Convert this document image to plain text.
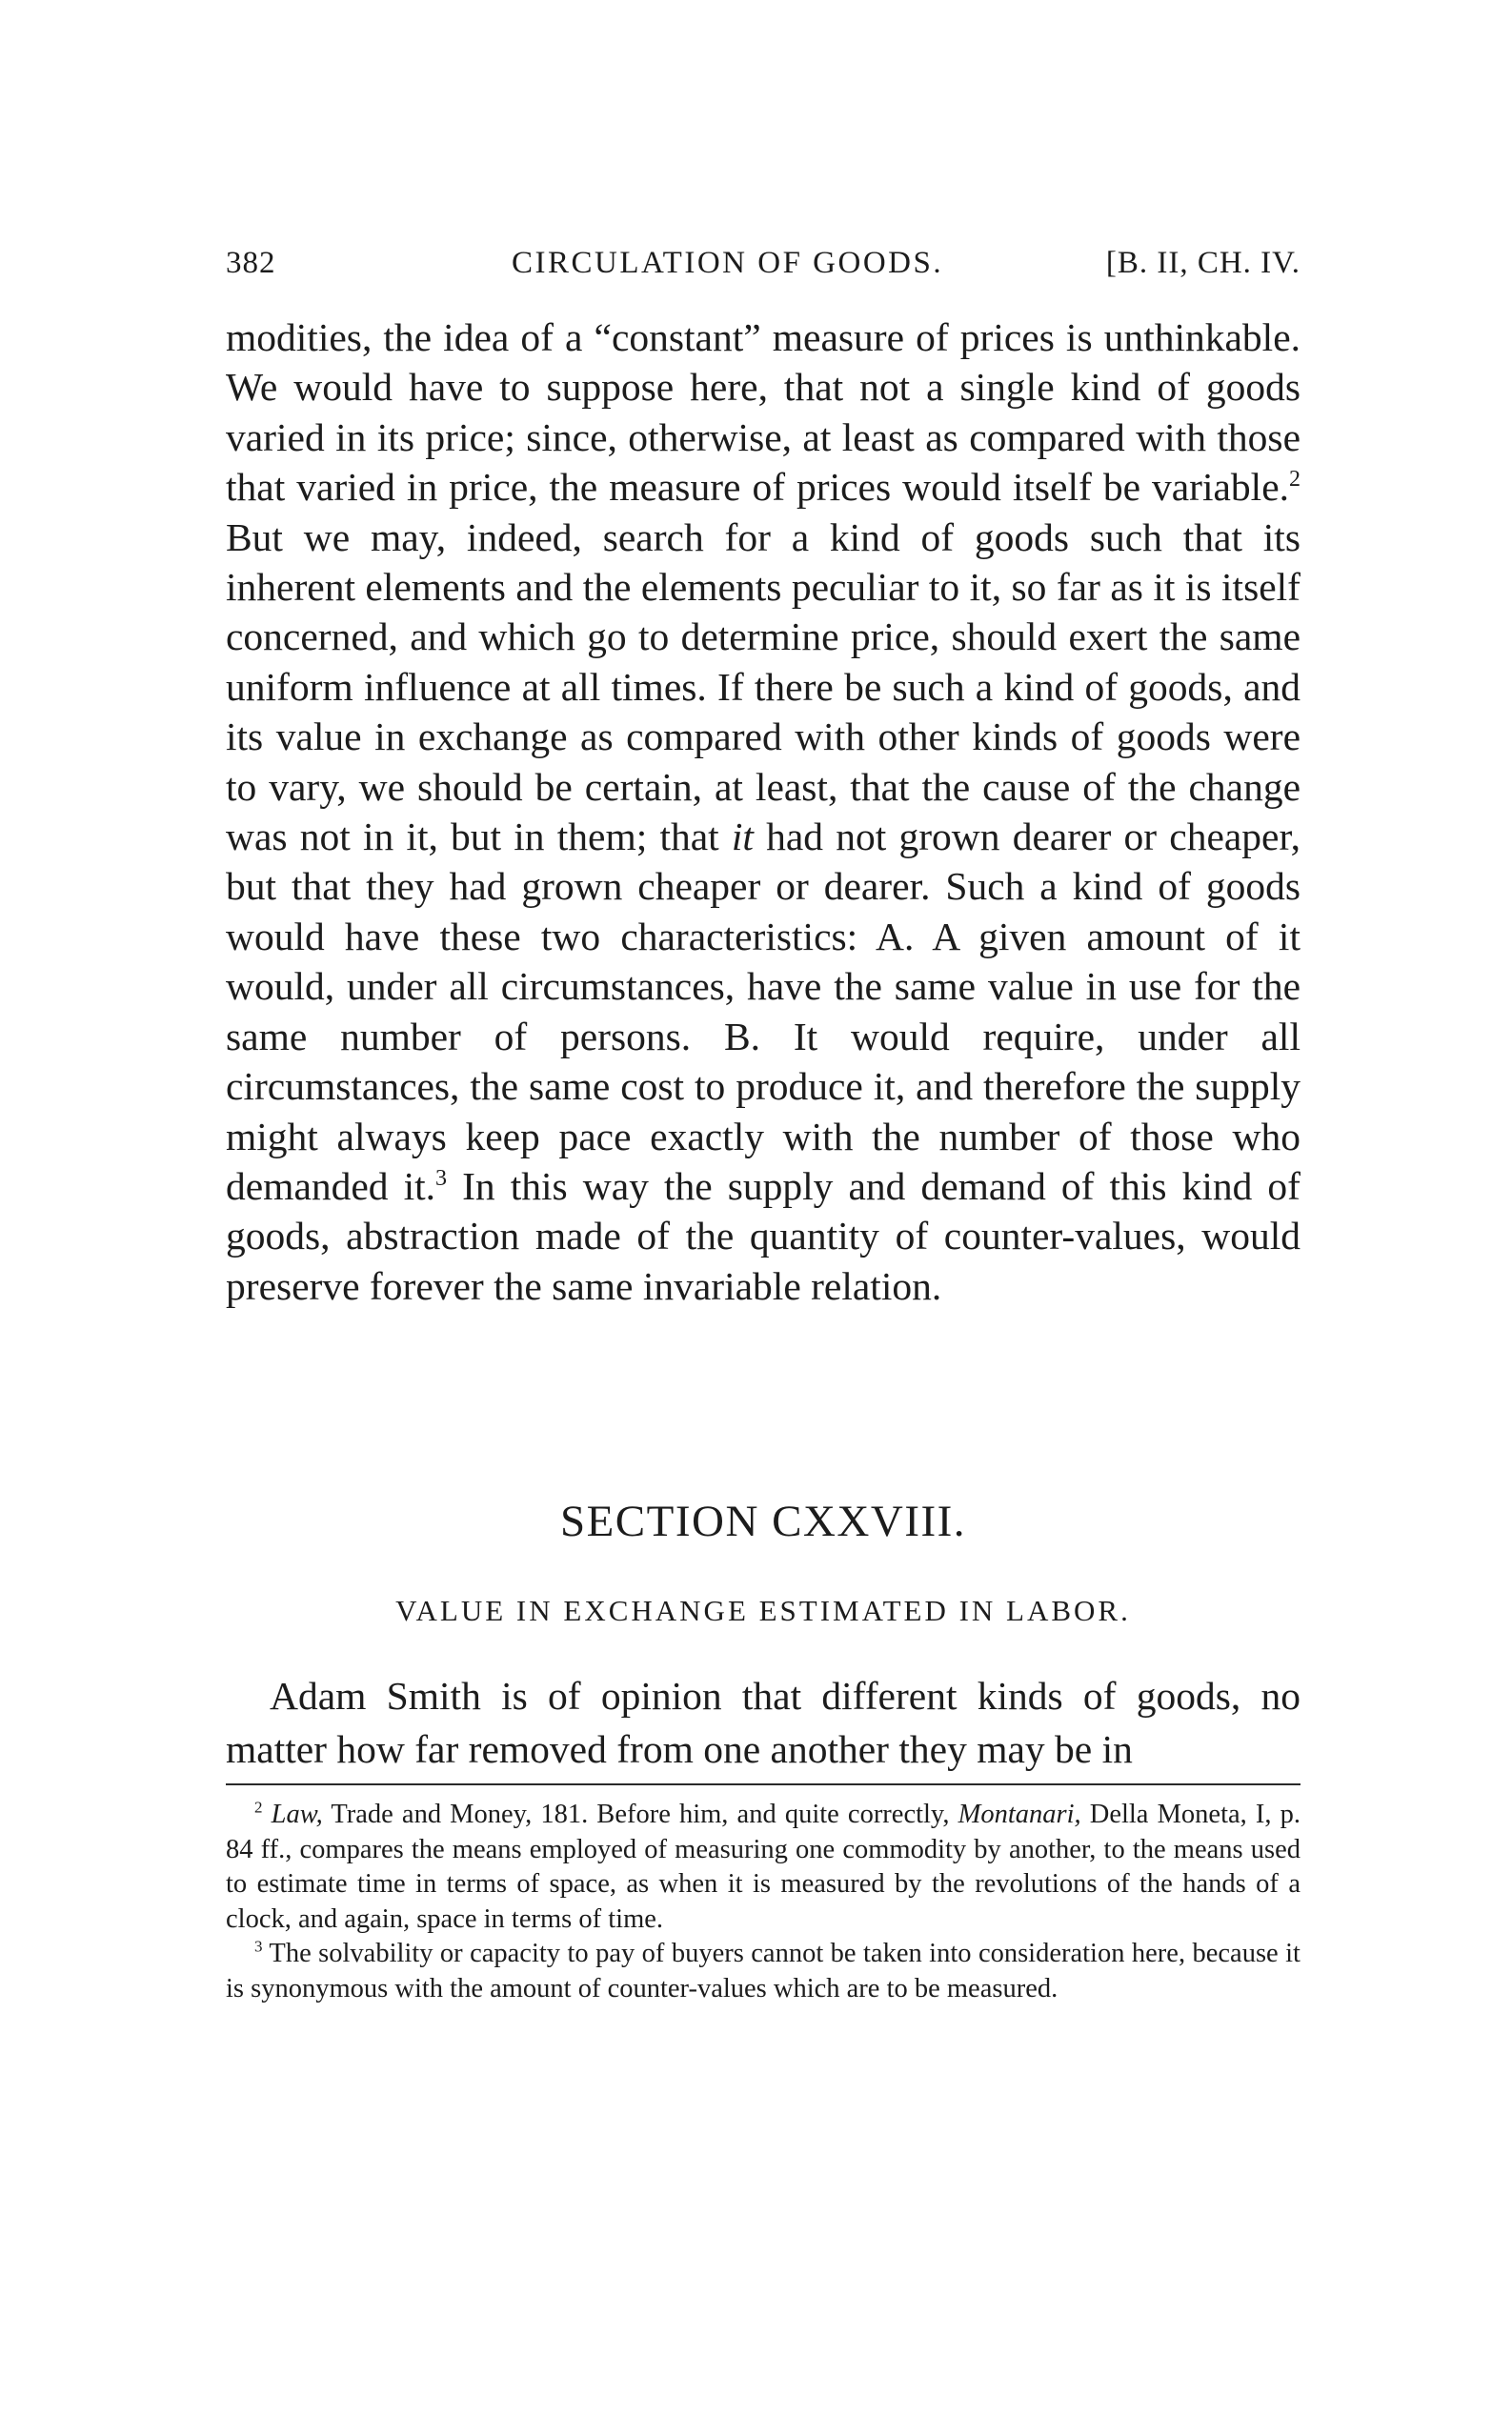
382	CIRCULATION OF GOODS.	[B. II, CH. IV.

modities, the idea of a “constant” measure of prices is unthinkable. We would have to suppose here, that not a single kind of goods varied in its price; since, otherwise, at least as compared with those that varied in price, the measure of prices would itself be variable.$^2$ But we may, indeed, search for a kind of goods such that its inherent elements and the elements peculiar to it, so far as it is itself concerned, and which go to determine price, should exert the same uniform influence at all times. If there be such a kind of goods, and its value in exchange as compared with other kinds of goods were to vary, we should be certain, at least, that the cause of the change was not in it, but in them; that it had not grown dearer or cheaper, but that they had grown cheaper or dearer. Such a kind of goods would have these two characteristics: A. A given amount of it would, under all circumstances, have the same value in use for the same number of persons. B. It would require, under all circumstances, the same cost to produce it, and therefore the supply might always keep pace exactly with the number of those who demanded it.$^3$ In this way the supply and demand of this kind of goods, abstraction made of the quantity of counter-values, would preserve forever the same invariable relation.

SECTION CXXVIII.
VALUE IN EXCHANGE ESTIMATED IN LABOR.

Adam Smith is of opinion that different kinds of goods, no matter how far removed from one another they may be in

$^2$ Law, Trade and Money, 181. Before him, and quite correctly, Montanari, Della Moneta, I, p. 84 ff., compares the means employed of measuring one commodity by another, to the means used to estimate time in terms of space, as when it is measured by the revolutions of the hands of a clock, and again, space in terms of time.

$^3$ The solvability or capacity to pay of buyers cannot be taken into consideration here, because it is synonymous with the amount of counter-values which are to be measured.
